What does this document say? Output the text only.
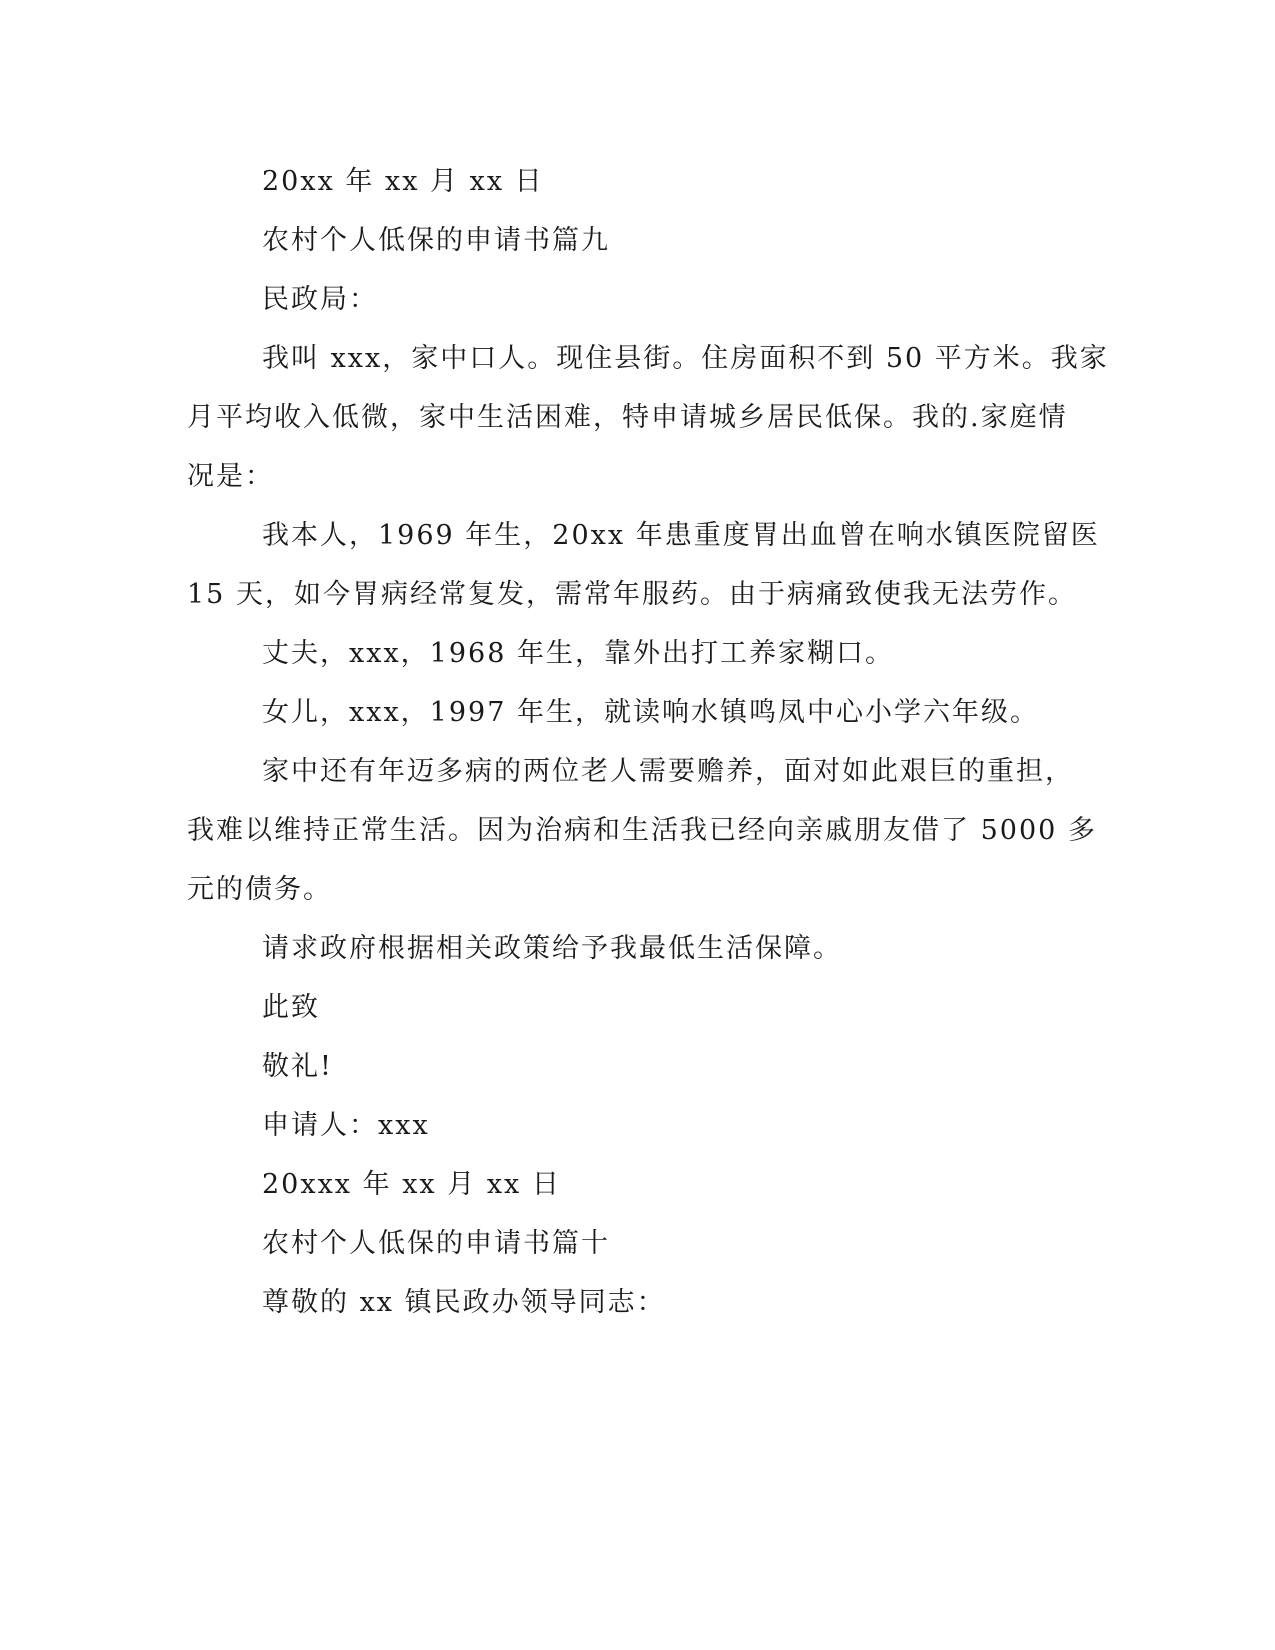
20xx 年 xx 月 xx 日
农村个人低保的申请书篇九
民政局：
我叫 xxx，家中口人。现住县街。住房面积不到 50 平方米。我家
月平均收入低微，家中生活困难，特申请城乡居民低保。我的.家庭情
况是：
我本人，1969 年生，20xx 年患重度胃出血曾在响水镇医院留医
15 天，如今胃病经常复发，需常年服药。由于病痛致使我无法劳作。
丈夫，xxx，1968 年生，靠外出打工养家糊口。
女儿，xxx，1997 年生，就读响水镇鸣凤中心小学六年级。
家中还有年迈多病的两位老人需要赡养，面对如此艰巨的重担，
我难以维持正常生活。因为治病和生活我已经向亲戚朋友借了 5000 多
元的债务。
请求政府根据相关政策给予我最低生活保障。
此致
敬礼!
申请人：xxx
20xxx 年 xx 月 xx 日
农村个人低保的申请书篇十
尊敬的 xx 镇民政办领导同志：
